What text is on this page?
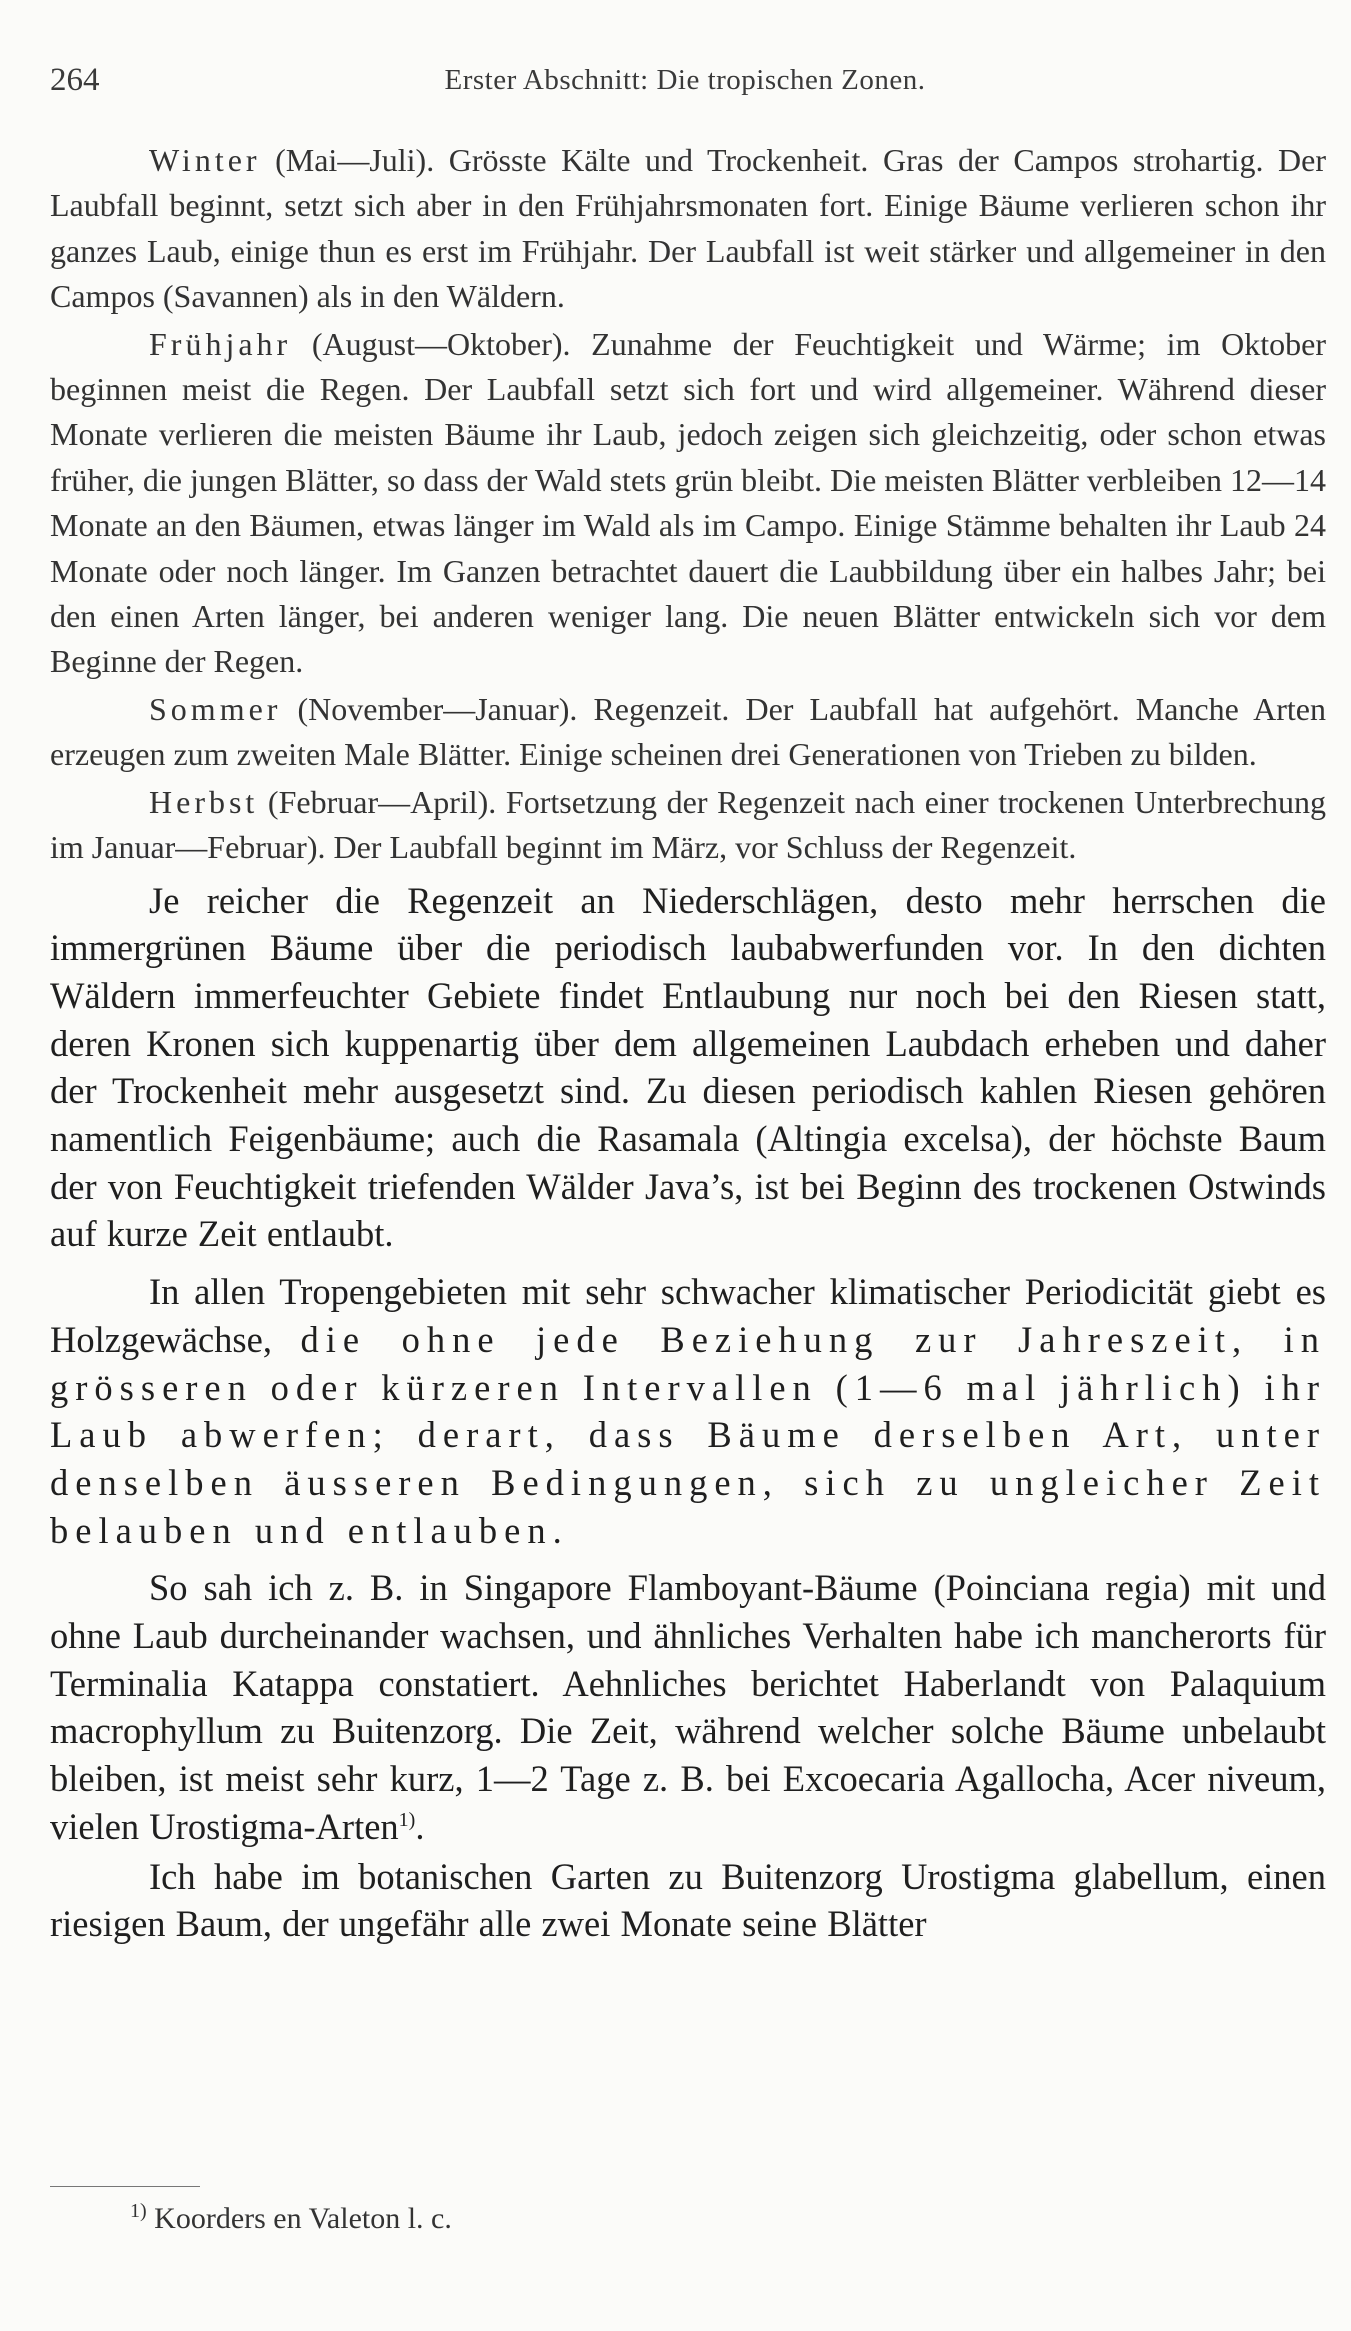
264	Erster Abschnitt: Die tropischen Zonen.

Winter (Mai—Juli). Grösste Kälte und Trockenheit. Gras der Campos strohartig. Der Laubfall beginnt, setzt sich aber in den Frühjahrsmonaten fort. Einige Bäume verlieren schon ihr ganzes Laub, einige thun es erst im Frühjahr. Der Laubfall ist weit stärker und allgemeiner in den Campos (Savannen) als in den Wäldern.

Frühjahr (August—Oktober). Zunahme der Feuchtigkeit und Wärme; im Oktober beginnen meist die Regen. Der Laubfall setzt sich fort und wird allgemeiner. Während dieser Monate verlieren die meisten Bäume ihr Laub, jedoch zeigen sich gleichzeitig, oder schon etwas früher, die jungen Blätter, so dass der Wald stets grün bleibt. Die meisten Blätter verbleiben 12—14 Monate an den Bäumen, etwas länger im Wald als im Campo. Einige Stämme behalten ihr Laub 24 Monate oder noch länger. Im Ganzen betrachtet dauert die Laubbildung über ein halbes Jahr; bei den einen Arten länger, bei anderen weniger lang. Die neuen Blätter entwickeln sich vor dem Beginne der Regen.

Sommer (November—Januar). Regenzeit. Der Laubfall hat aufgehört. Manche Arten erzeugen zum zweiten Male Blätter. Einige scheinen drei Generationen von Trieben zu bilden.

Herbst (Februar—April). Fortsetzung der Regenzeit nach einer trockenen Unterbrechung im Januar—Februar). Der Laubfall beginnt im März, vor Schluss der Regenzeit.

Je reicher die Regenzeit an Niederschlägen, desto mehr herrschen die immergrünen Bäume über die periodisch laubabwerfunden vor. In den dichten Wäldern immerfeuchter Gebiete findet Entlaubung nur noch bei den Riesen statt, deren Kronen sich kuppenartig über dem allgemeinen Laubdach erheben und daher der Trockenheit mehr ausgesetzt sind. Zu diesen periodisch kahlen Riesen gehören namentlich Feigenbäume; auch die Rasamala (Altingia excelsa), der höchste Baum der von Feuchtigkeit triefenden Wälder Java’s, ist bei Beginn des trockenen Ostwinds auf kurze Zeit entlaubt.

In allen Tropengebieten mit sehr schwacher klimatischer Periodicität giebt es Holzgewächse, die ohne jede Beziehung zur Jahreszeit, in grösseren oder kürzeren Intervallen (1—6 mal jährlich) ihr Laub abwerfen; derart, dass Bäume derselben Art, unter denselben äusseren Bedingungen, sich zu ungleicher Zeit belauben und entlauben.

So sah ich z. B. in Singapore Flamboyant-Bäume (Poinciana regia) mit und ohne Laub durcheinander wachsen, und ähnliches Verhalten habe ich mancherorts für Terminalia Katappa constatiert. Aehnliches berichtet Haberlandt von Palaquium macrophyllum zu Buitenzorg. Die Zeit, während welcher solche Bäume unbelaubt bleiben, ist meist sehr kurz, 1—2 Tage z. B. bei Excoecaria Agallocha, Acer niveum, vielen Urostigma-Arten$^{1)}$.

Ich habe im botanischen Garten zu Buitenzorg Urostigma glabellum, einen riesigen Baum, der ungefähr alle zwei Monate seine Blätter

$^{1)}$ Koorders en Valeton l. c.
